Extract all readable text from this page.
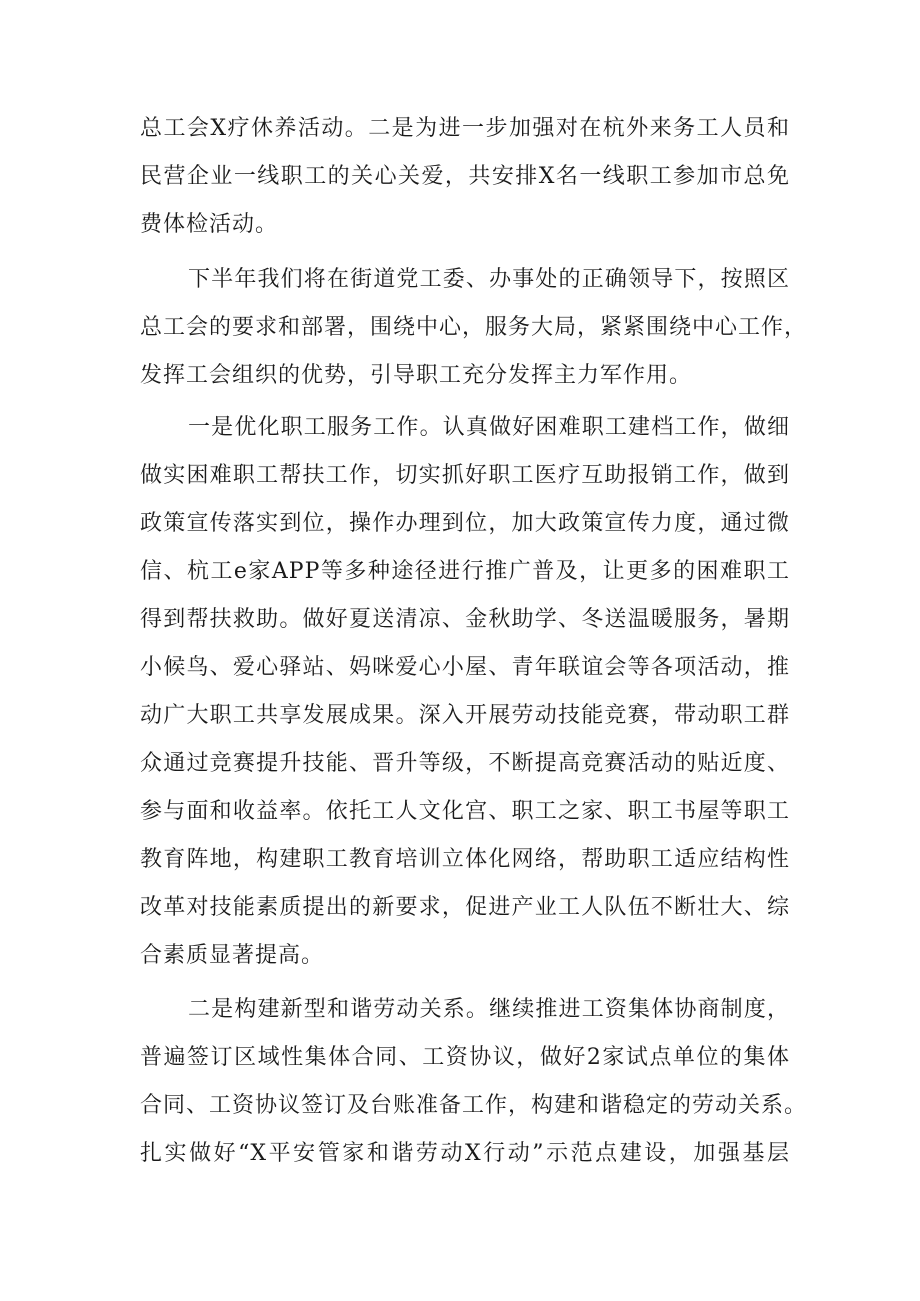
总工会X疗休养活动。二是为进一步加强对在杭外来务工人员和
民营企业一线职工的关心关爱，共安排X名一线职工参加市总免
费体检活动。
下半年我们将在街道党工委、办事处的正确领导下，按照区
总工会的要求和部署，围绕中心，服务大局，紧紧围绕中心工作，
发挥工会组织的优势，引导职工充分发挥主力军作用。
一是优化职工服务工作。认真做好困难职工建档工作，做细
做实困难职工帮扶工作，切实抓好职工医疗互助报销工作，做到
政策宣传落实到位，操作办理到位，加大政策宣传力度，通过微
信、杭工e家APP等多种途径进行推广普及，让更多的困难职工
得到帮扶救助。做好夏送清凉、金秋助学、冬送温暖服务，暑期
小候鸟、爱心驿站、妈咪爱心小屋、青年联谊会等各项活动，推
动广大职工共享发展成果。深入开展劳动技能竞赛，带动职工群
众通过竞赛提升技能、晋升等级，不断提高竞赛活动的贴近度、
参与面和收益率。依托工人文化宫、职工之家、职工书屋等职工
教育阵地，构建职工教育培训立体化网络，帮助职工适应结构性
改革对技能素质提出的新要求，促进产业工人队伍不断壮大、综
合素质显著提高。
二是构建新型和谐劳动关系。继续推进工资集体协商制度，
普遍签订区域性集体合同、工资协议，做好2家试点单位的集体
合同、工资协议签订及台账准备工作，构建和谐稳定的劳动关系。
扎实做好“X平安管家和谐劳动X行动”示范点建设，加强基层
